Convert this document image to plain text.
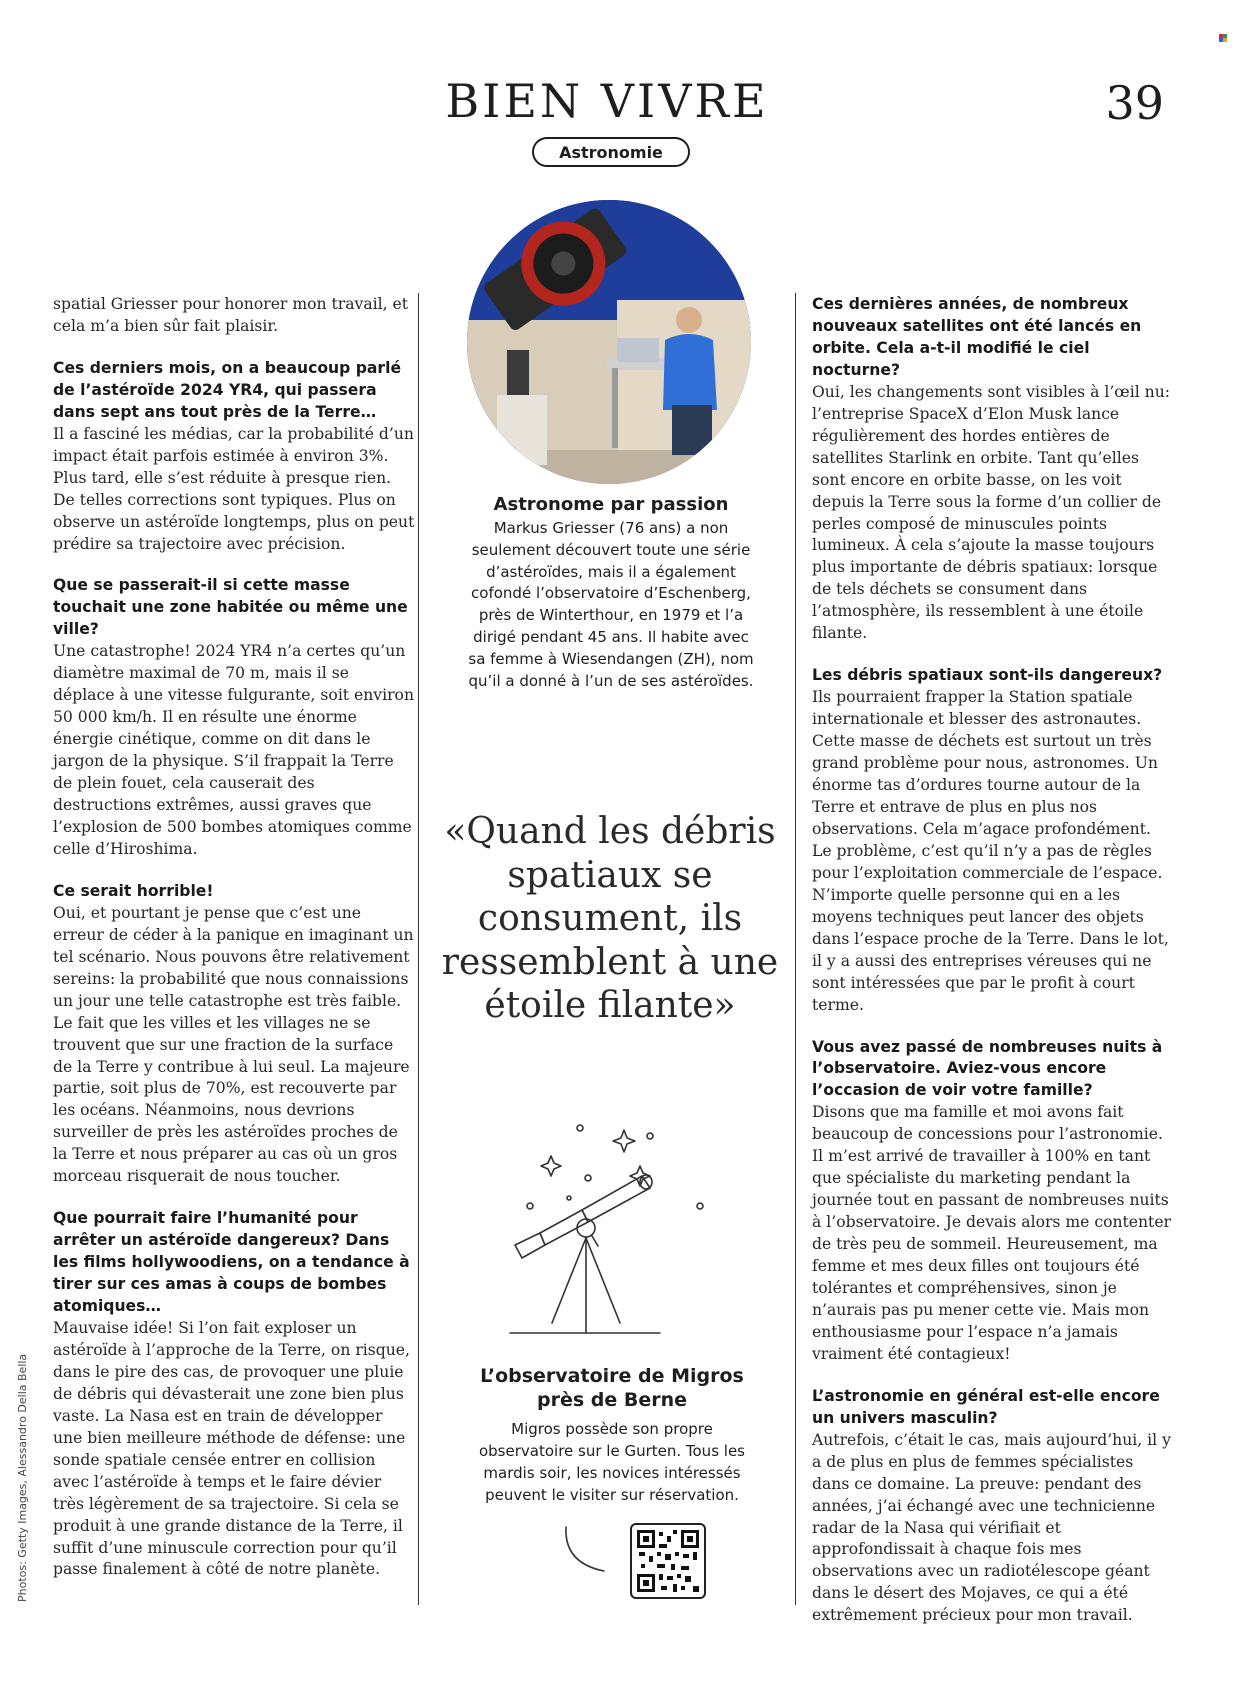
BIEN VIVRE
Astronomie
39

spatial Griesser pour honorer mon travail, et cela m’a bien sûr fait plaisir.

Ces derniers mois, on a beaucoup parlé de l’astéroïde 2024 YR4, qui passera dans sept ans tout près de la Terre…

Il a fasciné les médias, car la probabilité d’un impact était parfois estimée à environ 3%. Plus tard, elle s’est réduite à presque rien. De telles corrections sont typiques. Plus on observe un astéroïde longtemps, plus on peut prédire sa trajectoire avec précision.

Que se passerait-il si cette masse touchait une zone habitée ou même une ville?

Une catastrophe! 2024 YR4 n’a certes qu’un diamètre maximal de 70 m, mais il se déplace à une vitesse fulgurante, soit environ 50 000 km/h. Il en résulte une énorme énergie cinétique, comme on dit dans le jargon de la physique. S’il frappait la Terre de plein fouet, cela causerait des destructions extrêmes, aussi graves que l’explosion de 500 bombes atomiques comme celle d’Hiroshima.

Ce serait horrible!

Oui, et pourtant je pense que c’est une erreur de céder à la panique en imaginant un tel scénario. Nous pouvons être relativement sereins: la probabilité que nous connaissions un jour une telle catastrophe est très faible. Le fait que les villes et les villages ne se trouvent que sur une fraction de la surface de la Terre y contribue à lui seul. La majeure partie, soit plus de 70%, est recouverte par les océans. Néanmoins, nous devrions surveiller de près les astéroïdes proches de la Terre et nous préparer au cas où un gros morceau risquerait de nous toucher.

Que pourrait faire l’humanité pour arrêter un astéroïde dangereux? Dans les films hollywoodiens, on a tendance à tirer sur ces amas à coups de bombes atomiques…

Mauvaise idée! Si l’on fait exploser un astéroïde à l’approche de la Terre, on risque, dans le pire des cas, de provoquer une pluie de débris qui dévasterait une zone bien plus vaste. La Nasa est en train de développer une bien meilleure méthode de défense: une sonde spatiale censée entrer en collision avec l’astéroïde à temps et le faire dévier très légèrement de sa trajectoire. Si cela se produit à une grande distance de la Terre, il suffit d’une minuscule correction pour qu’il passe finalement à côté de notre planète.

Ces dernières années, de nombreux nouveaux satellites ont été lancés en orbite. Cela a-t-il modifié le ciel nocturne?

Oui, les changements sont visibles à l’œil nu: l’entreprise SpaceX d’Elon Musk lance régulièrement des hordes entières de satellites Starlink en orbite. Tant qu’elles sont encore en orbite basse, on les voit depuis la Terre sous la forme d’un collier de perles composé de minuscules points lumineux. À cela s’ajoute la masse toujours plus importante de débris spatiaux: lorsque de tels déchets se consument dans l’atmosphère, ils ressemblent à une étoile filante.

Les débris spatiaux sont-ils dangereux?

Ils pourraient frapper la Station spatiale internationale et blesser des astronautes. Cette masse de déchets est surtout un très grand problème pour nous, astronomes. Un énorme tas d’ordures tourne autour de la Terre et entrave de plus en plus nos observations. Cela m’agace profondément. Le problème, c’est qu’il n’y a pas de règles pour l’exploitation commerciale de l’espace. N’importe quelle personne qui en a les moyens techniques peut lancer des objets dans l’espace proche de la Terre. Dans le lot, il y a aussi des entreprises véreuses qui ne sont intéressées que par le profit à court terme.

Vous avez passé de nombreuses nuits à l’observatoire. Aviez-vous encore l’occasion de voir votre famille?

Disons que ma famille et moi avons fait beaucoup de concessions pour l’astronomie. Il m’est arrivé de travailler à 100% en tant que spécialiste du marketing pendant la journée tout en passant de nombreuses nuits à l’observatoire. Je devais alors me contenter de très peu de sommeil. Heureusement, ma femme et mes deux filles ont toujours été tolérantes et compréhensives, sinon je n’aurais pas pu mener cette vie. Mais mon enthousiasme pour l’espace n’a jamais vraiment été contagieux!

L’astronomie en général est-elle encore un univers masculin?

Autrefois, c’était le cas, mais aujourd’hui, il y a de plus en plus de femmes spécialistes dans ce domaine. La preuve: pendant des années, j’ai échangé avec une technicienne radar de la Nasa qui vérifiait et approfondissait à chaque fois mes observations avec un radiotélescope géant dans le désert des Mojaves, ce qui a été extrêmement précieux pour mon travail.

Astronome par passion
Markus Griesser (76 ans) a non seulement découvert toute une série d’astéroïdes, mais il a également cofondé l’observatoire d’Eschenberg, près de Winterthour, en 1979 et l’a dirigé pendant 45 ans. Il habite avec sa femme à Wiesendangen (ZH), nom qu’il a donné à l’un de ses astéroïdes.
«Quand les débris spatiaux se consument, ils ressemblent à une étoile filante»
L’observatoire de Migros près de Berne
Migros possède son propre observatoire sur le Gurten. Tous les mardis soir, les novices intéressés peuvent le visiter sur réservation.
Photos: Getty Images, Alessandro Della Bella
